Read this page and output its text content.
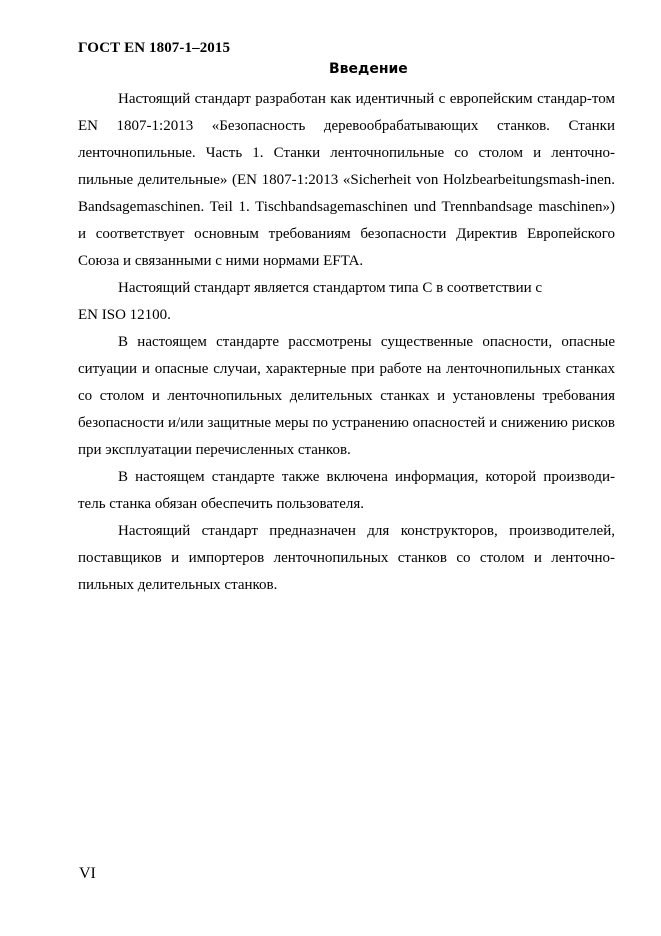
ГОСТ EN 1807-1–2015
Введение

Настоящий стандарт разработан как идентичный с европейским стандар-том EN 1807-1:2013 «Безопасность деревообрабатывающих станков. Станки ленточнопильные. Часть 1. Станки ленточнопильные со столом и ленточно-пильные делительные» (EN 1807-1:2013 «Sicherheit von Holzbearbeitungsmash-inen. Bandsagemaschinen. Teil 1. Tischbandsagemaschinen und Trennbandsage maschinen») и соответствует основным требованиям безопасности Директив Европейского Союза и связанными с ними нормами EFTA.

Настоящий стандарт является стандартом типа С в соответствии с

EN ISO 12100.

В настоящем стандарте рассмотрены существенные опасности, опасные ситуации и опасные случаи, характерные при работе на ленточнопильных станках со столом и ленточнопильных делительных станках и установлены требования безопасности и/или защитные меры по устранению опасностей и снижению рисков при эксплуатации перечисленных станков.

В настоящем стандарте также включена информация, которой производи-тель станка обязан обеспечить пользователя.

Настоящий стандарт предназначен для конструкторов, производителей, поставщиков и импортеров ленточнопильных станков со столом и ленточно-пильных делительных станков.

VI
